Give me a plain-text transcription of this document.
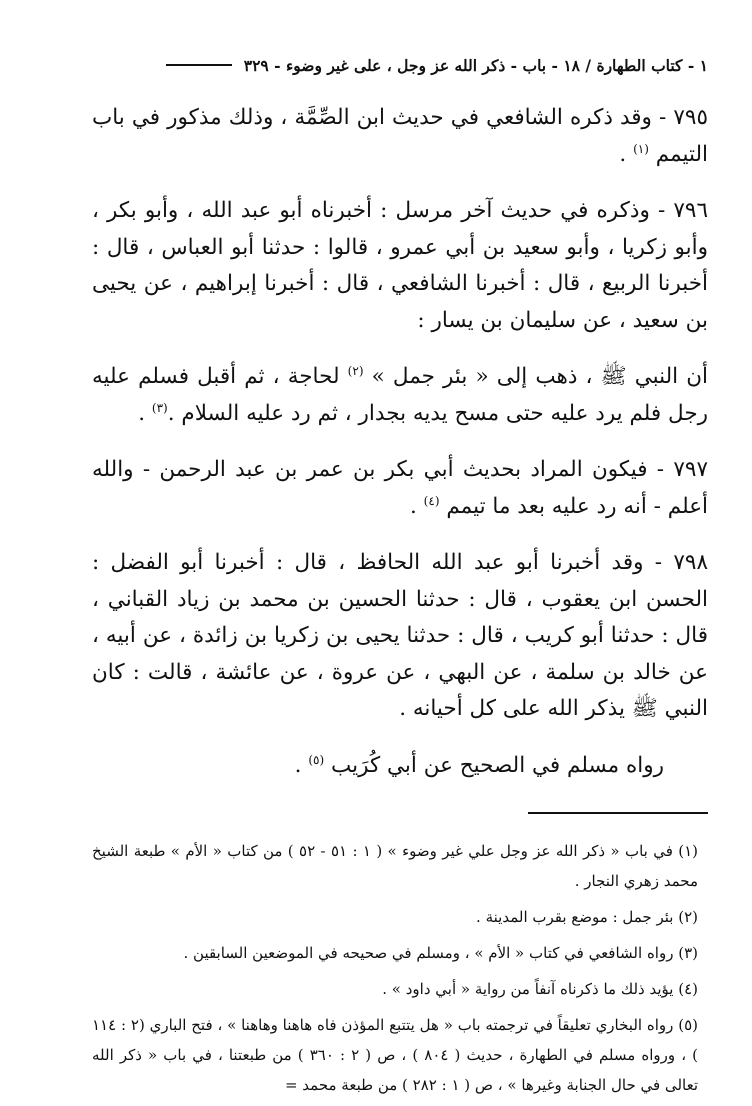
١ - كتاب الطهارة / ١٨ - باب - ذكر الله عز وجل ، على غير وضوء - ٣٢٩

٧٩٥ - وقد ذكره الشافعي في حديث ابن الصِّمَّة ، وذلك مذكور في باب التيمم $^{(١)}$ .

٧٩٦ - وذكره في حديث آخر مرسل : أخبرناه أبو عبد الله ، وأبو بكر ، وأبو زكريا ، وأبو سعيد بن أبي عمرو ، قالوا : حدثنا أبو العباس ، قال : أخبرنا الربيع ، قال : أخبرنا الشافعي ، قال : أخبرنا إبراهيم ، عن يحيى بن سعيد ، عن سليمان بن يسار :

أن النبي ﷺ ، ذهب إلى « بئر جمل » $^{(٢)}$ لحاجة ، ثم أقبل فسلم عليه رجل فلم يرد عليه حتى مسح يديه بجدار ، ثم رد عليه السلام .$^{(٣)}$ .

٧٩٧ - فيكون المراد بحديث أبي بكر بن عمر بن عبد الرحمن - والله أعلم - أنه رد عليه بعد ما تيمم $^{(٤)}$ .

٧٩٨ - وقد أخبرنا أبو عبد الله الحافظ ، قال : أخبرنا أبو الفضل : الحسن ابن يعقوب ، قال : حدثنا الحسين بن محمد بن زياد القباني ، قال : حدثنا أبو كريب ، قال : حدثنا يحيى بن زكريا بن زائدة ، عن أبيه ، عن خالد بن سلمة ، عن البهي ، عن عروة ، عن عائشة ، قالت : كان النبي ﷺ يذكر الله على كل أحيانه .

رواه مسلم في الصحيح عن أبي كُرَيب $^{(٥)}$ .

(١) في باب « ذكر الله عز وجل علي غير وضوء » ( ١ : ٥١ - ٥٢ ) من كتاب « الأم » طبعة الشيخ محمد زهري النجار .

(٢) بئر جمل : موضع بقرب المدينة .

(٣) رواه الشافعي في كتاب « الأم » ، ومسلم في صحيحه في الموضعين السابقين .

(٤) يؤيد ذلك ما ذكرناه آنفاً من رواية « أبي داود » .

(٥) رواه البخاري تعليقاً في ترجمته باب « هل يتتبع المؤذن فاه هاهنا وهاهنا » ، فتح الباري (٢ : ١١٤ ) ، ورواه مسلم في الطهارة ، حديث ( ٨٠٤ ) ، ص ( ٢ : ٣٦٠ ) من طبعتنا ، في باب « ذكر الله تعالى في حال الجنابة وغيرها » ، ص ( ١ : ٢٨٢ ) من طبعة محمد =
